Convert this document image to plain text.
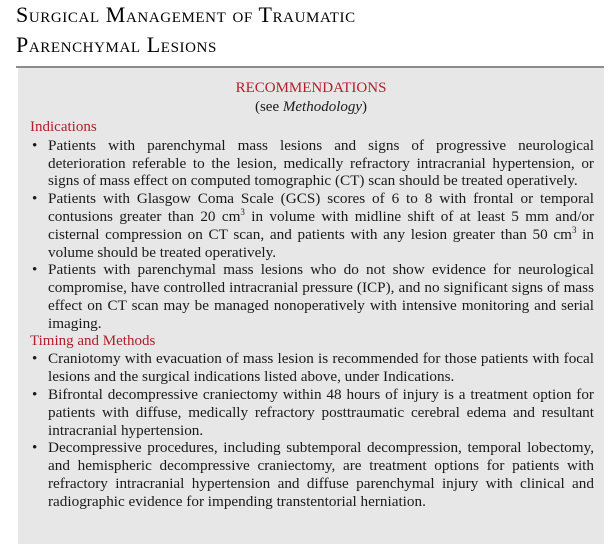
Surgical Management of Traumatic
Parenchymal Lesions
RECOMMENDATIONS
(see Methodology)
Indications
• Patients with parenchymal mass lesions and signs of progressive neurological deterioration referable to the lesion, medically refractory intracranial hypertension, or signs of mass effect on computed tomographic (CT) scan should be treated operatively.
• Patients with Glasgow Coma Scale (GCS) scores of 6 to 8 with frontal or temporal contusions greater than 20 $cm^3$ in volume with midline shift of at least 5 mm and/or cisternal compression on CT scan, and patients with any lesion greater than 50 $cm^3$ in volume should be treated operatively.
• Patients with parenchymal mass lesions who do not show evidence for neurological compromise, have controlled intracranial pressure (ICP), and no significant signs of mass effect on CT scan may be managed nonoperatively with intensive monitoring and serial imaging.
Timing and Methods
• Craniotomy with evacuation of mass lesion is recommended for those patients with focal lesions and the surgical indications listed above, under Indications.
• Bifrontal decompressive craniectomy within 48 hours of injury is a treatment option for patients with diffuse, medically refractory posttraumatic cerebral edema and resultant intracranial hypertension.
• Decompressive procedures, including subtemporal decompression, temporal lobectomy, and hemispheric decompressive craniectomy, are treatment options for patients with refractory intracranial hypertension and diffuse parenchymal injury with clinical and radiographic evidence for impending transtentorial herniation.
